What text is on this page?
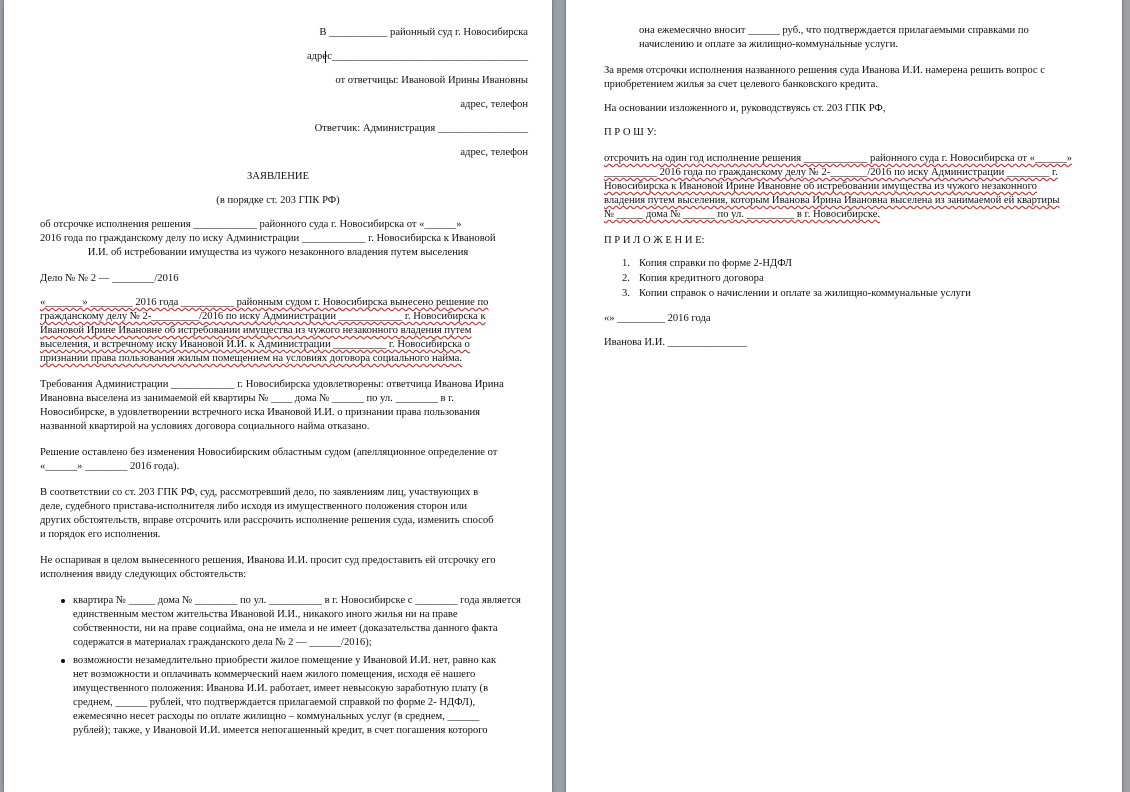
В ___________ районный суд г. Новосибирска
адрес_____________________________________
от ответчицы: Ивановой Ирины Ивановны
адрес, телефон
Ответчик: Администрация _________________
адрес, телефон
ЗАЯВЛЕНИЕ
(в порядке ст. 203 ГПК РФ)
об отсрочке исполнения решения ____________ районного суда г. Новосибирска от «______»
2016 года по гражданскому делу по иску Администрации ____________ г. Новосибирска к Ивановой
И.И. об истребовании имущества из чужого незаконного владения путем выселения
Дело № № 2 — ________/2016
«_______» ________ 2016 года __________ районным судом г. Новосибирска вынесено решение по
гражданскому делу № 2-_________/2016 по иску Администрации ____________ г. Новосибирска к
Ивановой Ирине Ивановне об истребовании имущества из чужого незаконного владения путем
выселения, и встречному иску Ивановой И.И. к Администрации __________ г. Новосибирска о
признании права пользования жилым помещением на условиях договора социального найма.
Требования Администрации ____________ г. Новосибирска удовлетворены: ответчица Иванова Ирина
Ивановна выселена из занимаемой ей квартиры № ____ дома № ______ по ул. ________ в г.
Новосибирске, в удовлетворении встречного иска Ивановой И.И. о признании права пользования
названной квартирой на условиях договора социального найма отказано.
Решение оставлено без изменения Новосибирским областным судом (апелляционное определение от
«______» ________ 2016 года).
В соответствии со ст. 203 ГПК РФ, суд, рассмотревший дело, по заявлениям лиц, участвующих в
деле, судебного пристава-исполнителя либо исходя из имущественного положения сторон или
других обстоятельств, вправе отсрочить или рассрочить исполнение решения суда, изменить способ
и порядок его исполнения.
Не оспаривая в целом вынесенного решения, Иванова И.И. просит суд предоставить ей отсрочку его
исполнения ввиду следующих обстоятельств:
квартира № _____ дома № ________ по ул. __________ в г. Новосибирске с ________ года является
единственным местом жительства Ивановой И.И., никакого иного жилья ни на праве
собственности, ни на праве социайма, она не имела и не имеет (доказательства данного факта
содержатся в материалах гражданского дела № 2 — ______/2016);
возможности незамедлительно приобрести жилое помещение у Ивановой И.И. нет, равно как
нет возможности и оплачивать коммерческий наем жилого помещения, исходя её нашего
имущественного положения: Иванова И.И. работает, имеет невысокую заработную плату (в
среднем, ______ рублей, что подтверждается прилагаемой справкой по форме 2- НДФЛ),
ежемесячно несет расходы по оплате жилищно – коммунальных услуг (в среднем, ______
рублей); также, у Ивановой И.И. имеется непогашенный кредит, в счет погашения которого
она ежемесячно вносит ______ руб., что подтверждается прилагаемыми справками по
начислению и оплате за жилищно-коммунальные услуги.
За время отсрочки исполнения названного решения суда Иванова И.И. намерена решить вопрос с
приобретением жилья за счет целевого банковского кредита.
На основании изложенного и, руководствуясь ст. 203 ГПК РФ,
П Р О Ш У:
отсрочить на один год исполнение решения ____________ районного суда г. Новосибирска от «______»
__________ 2016 года по гражданскому делу № 2-_______/2016 по иску Администрации ________ г.
Новосибирска к Ивановой Ирине Ивановне об истребовании имущества из чужого незаконного
владения путем выселения, которым Иванова Ирина Ивановна выселена из занимаемой ей квартиры
№ _____ дома № ______ по ул. _________ в г. Новосибирске.
П Р И Л О Ж Е Н И Е:
1. Копия справки по форме 2-НДФЛ
2. Копия кредитного договора
3. Копии справок о начислении и оплате за жилищно-коммунальные услуги
«» _________ 2016 года
Иванова И.И. _______________
